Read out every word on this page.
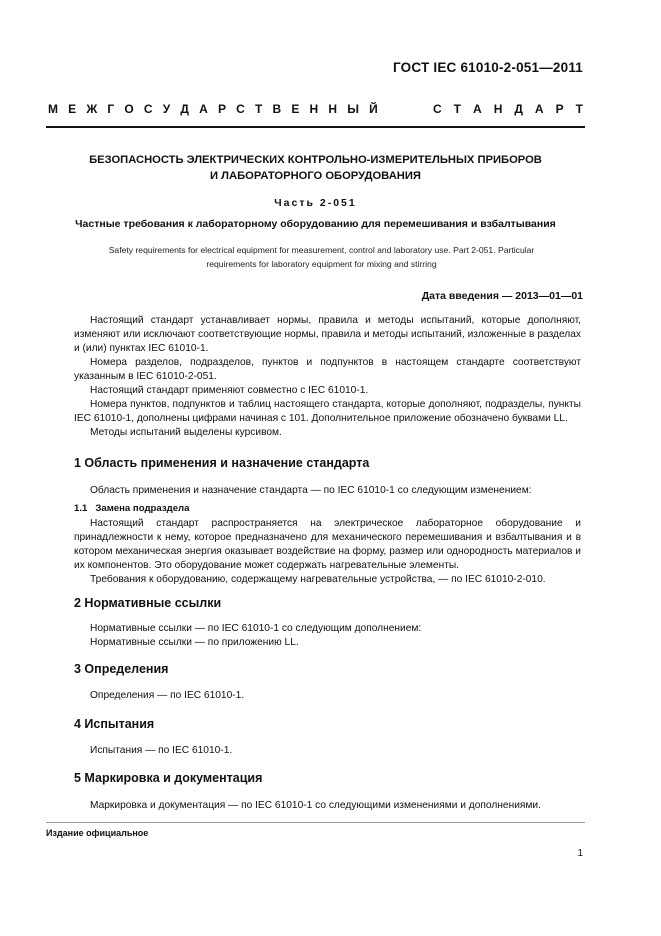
ГОСТ IEC 61010-2-051—2011
М Е Ж Г О С У Д А Р С Т В Е Н Н Ы Й	С Т А Н Д А Р Т
БЕЗОПАСНОСТЬ ЭЛЕКТРИЧЕСКИХ КОНТРОЛЬНО-ИЗМЕРИТЕЛЬНЫХ ПРИБОРОВ
И ЛАБОРАТОРНОГО ОБОРУДОВАНИЯ
Часть 2-051
Частные требования к лабораторному оборудованию для перемешивания и взбалтывания
Safety requirements for electrical equipment for measurement, control and laboratory use. Part 2-051. Particular
requirements for laboratory equipment for mixing and stirring
Дата введения — 2013—01—01

Настоящий стандарт устанавливает нормы, правила и методы испытаний, которые дополняют, изменяют или исключают соответствующие нормы, правила и методы испытаний, изложенные в разделах и (или) пунктах IEC 61010-1.

Номера разделов, подразделов, пунктов и подпунктов в настоящем стандарте соответствуют указанным в IEC 61010-2-051.

Настоящий стандарт применяют совместно с IEC 61010-1.

Номера пунктов, подпунктов и таблиц настоящего стандарта, которые дополняют, подразделы, пункты IEC 61010-1, дополнены цифрами начиная с 101. Дополнительное приложение обозначено буквами LL.

Методы испытаний выделены курсивом.

1 Область применения и назначение стандарта

Область применения и назначение стандарта — по IEC 61010-1 со следующим изменением:

1.1 Замена подраздела

Настоящий стандарт распространяется на электрическое лабораторное оборудование и принадлежности к нему, которое предназначено для механического перемешивания и взбалтывания и в котором механическая энергия оказывает воздействие на форму, размер или однородность материалов и их компонентов. Это оборудование может содержать нагревательные элементы.

Требования к оборудованию, содержащему нагревательные устройства, — по IEC 61010-2-010.

2 Нормативные ссылки

Нормативные ссылки — по IEC 61010-1 со следующим дополнением:

Нормативные ссылки — по приложению LL.

3 Определения

Определения — по IEC 61010-1.

4 Испытания

Испытания — по IEC 61010-1.

5 Маркировка и документация

Маркировка и документация — по IEC 61010-1 со следующими изменениями и дополнениями.

Издание официальное
1
